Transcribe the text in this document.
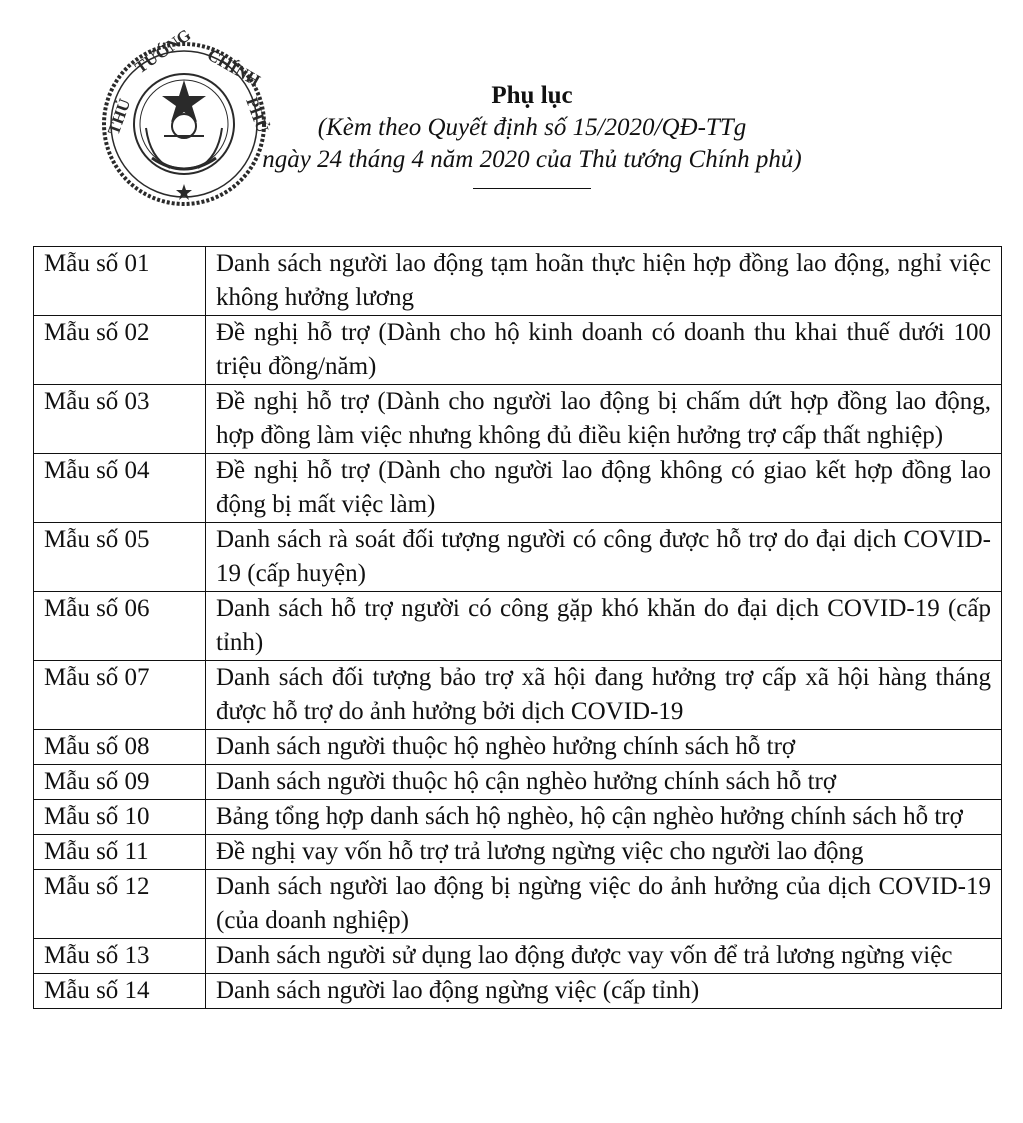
THỦ
TƯỚNG CHÍNH
PHỦ	Phụ lục
(Kèm theo Quyết định số 15/2020/QĐ-TTg
ngày 24 tháng 4 năm 2020 của Thủ tướng Chính phủ)
Mẫu số 01	Danh sách người lao động tạm hoãn thực hiện hợp đồng lao động, nghỉ việc không hưởng lương
Mẫu số 02	Đề nghị hỗ trợ (Dành cho hộ kinh doanh có doanh thu khai thuế dưới 100 triệu đồng/năm)
Mẫu số 03	Đề nghị hỗ trợ (Dành cho người lao động bị chấm dứt hợp đồng lao động, hợp đồng làm việc nhưng không đủ điều kiện hưởng trợ cấp thất nghiệp)
Mẫu số 04	Đề nghị hỗ trợ (Dành cho người lao động không có giao kết hợp đồng lao động bị mất việc làm)
Mẫu số 05	Danh sách rà soát đối tượng người có công được hỗ trợ do đại dịch COVID-19 (cấp huyện)
Mẫu số 06	Danh sách hỗ trợ người có công gặp khó khăn do đại dịch COVID-19 (cấp tỉnh)
Mẫu số 07	Danh sách đối tượng bảo trợ xã hội đang hưởng trợ cấp xã hội hàng tháng được hỗ trợ do ảnh hưởng bởi dịch COVID-19
Mẫu số 08	Danh sách người thuộc hộ nghèo hưởng chính sách hỗ trợ
Mẫu số 09	Danh sách người thuộc hộ cận nghèo hưởng chính sách hỗ trợ
Mẫu số 10	Bảng tổng hợp danh sách hộ nghèo, hộ cận nghèo hưởng chính sách hỗ trợ
Mẫu số 11	Đề nghị vay vốn hỗ trợ trả lương ngừng việc cho người lao động
Mẫu số 12	Danh sách người lao động bị ngừng việc do ảnh hưởng của dịch COVID-19 (của doanh nghiệp)
Mẫu số 13	Danh sách người sử dụng lao động được vay vốn để trả lương ngừng việc
Mẫu số 14	Danh sách người lao động ngừng việc (cấp tỉnh)
